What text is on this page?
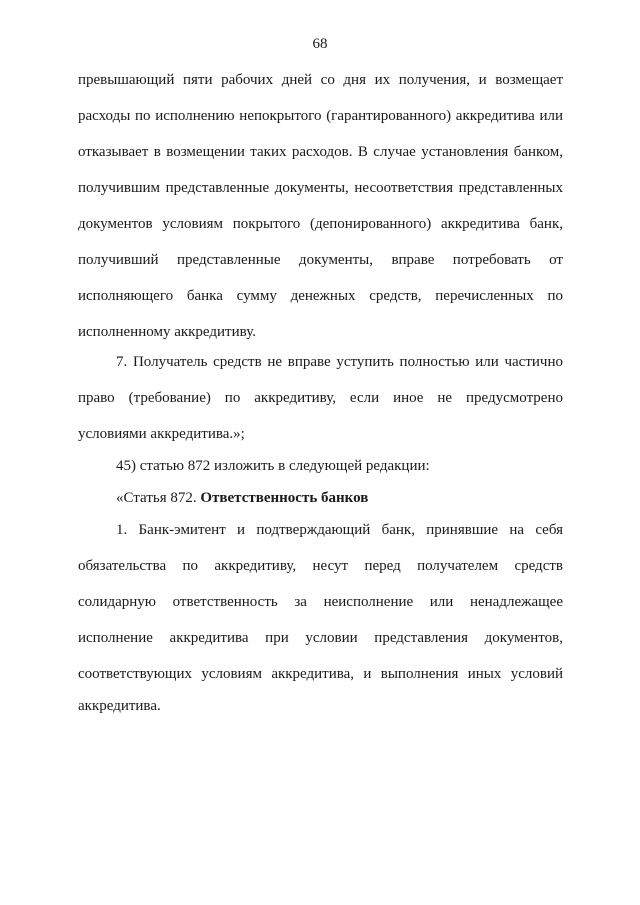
68
превышающий пяти рабочих дней со дня их получения, и возмещает
расходы по исполнению непокрытого (гарантированного) аккредитива или
отказывает в возмещении таких расходов. В случае установления банком,
получившим представленные документы, несоответствия представленных
документов условиям покрытого (депонированного) аккредитива банк,
получивший представленные документы, вправе потребовать от
исполняющего банка сумму денежных средств, перечисленных по
исполненному аккредитиву.
7. Получатель средств не вправе уступить полностью или частично
право (требование) по аккредитиву, если иное не предусмотрено
условиями аккредитива.»;
45) статью 872 изложить в следующей редакции:
«Статья 872. Ответственность банков
1. Банк-эмитент и подтверждающий банк, принявшие на себя
обязательства по аккредитиву, несут перед получателем средств
солидарную ответственность за неисполнение или ненадлежащее
исполнение аккредитива при условии представления документов,
соответствующих условиям аккредитива, и выполнения иных условий
аккредитива.
